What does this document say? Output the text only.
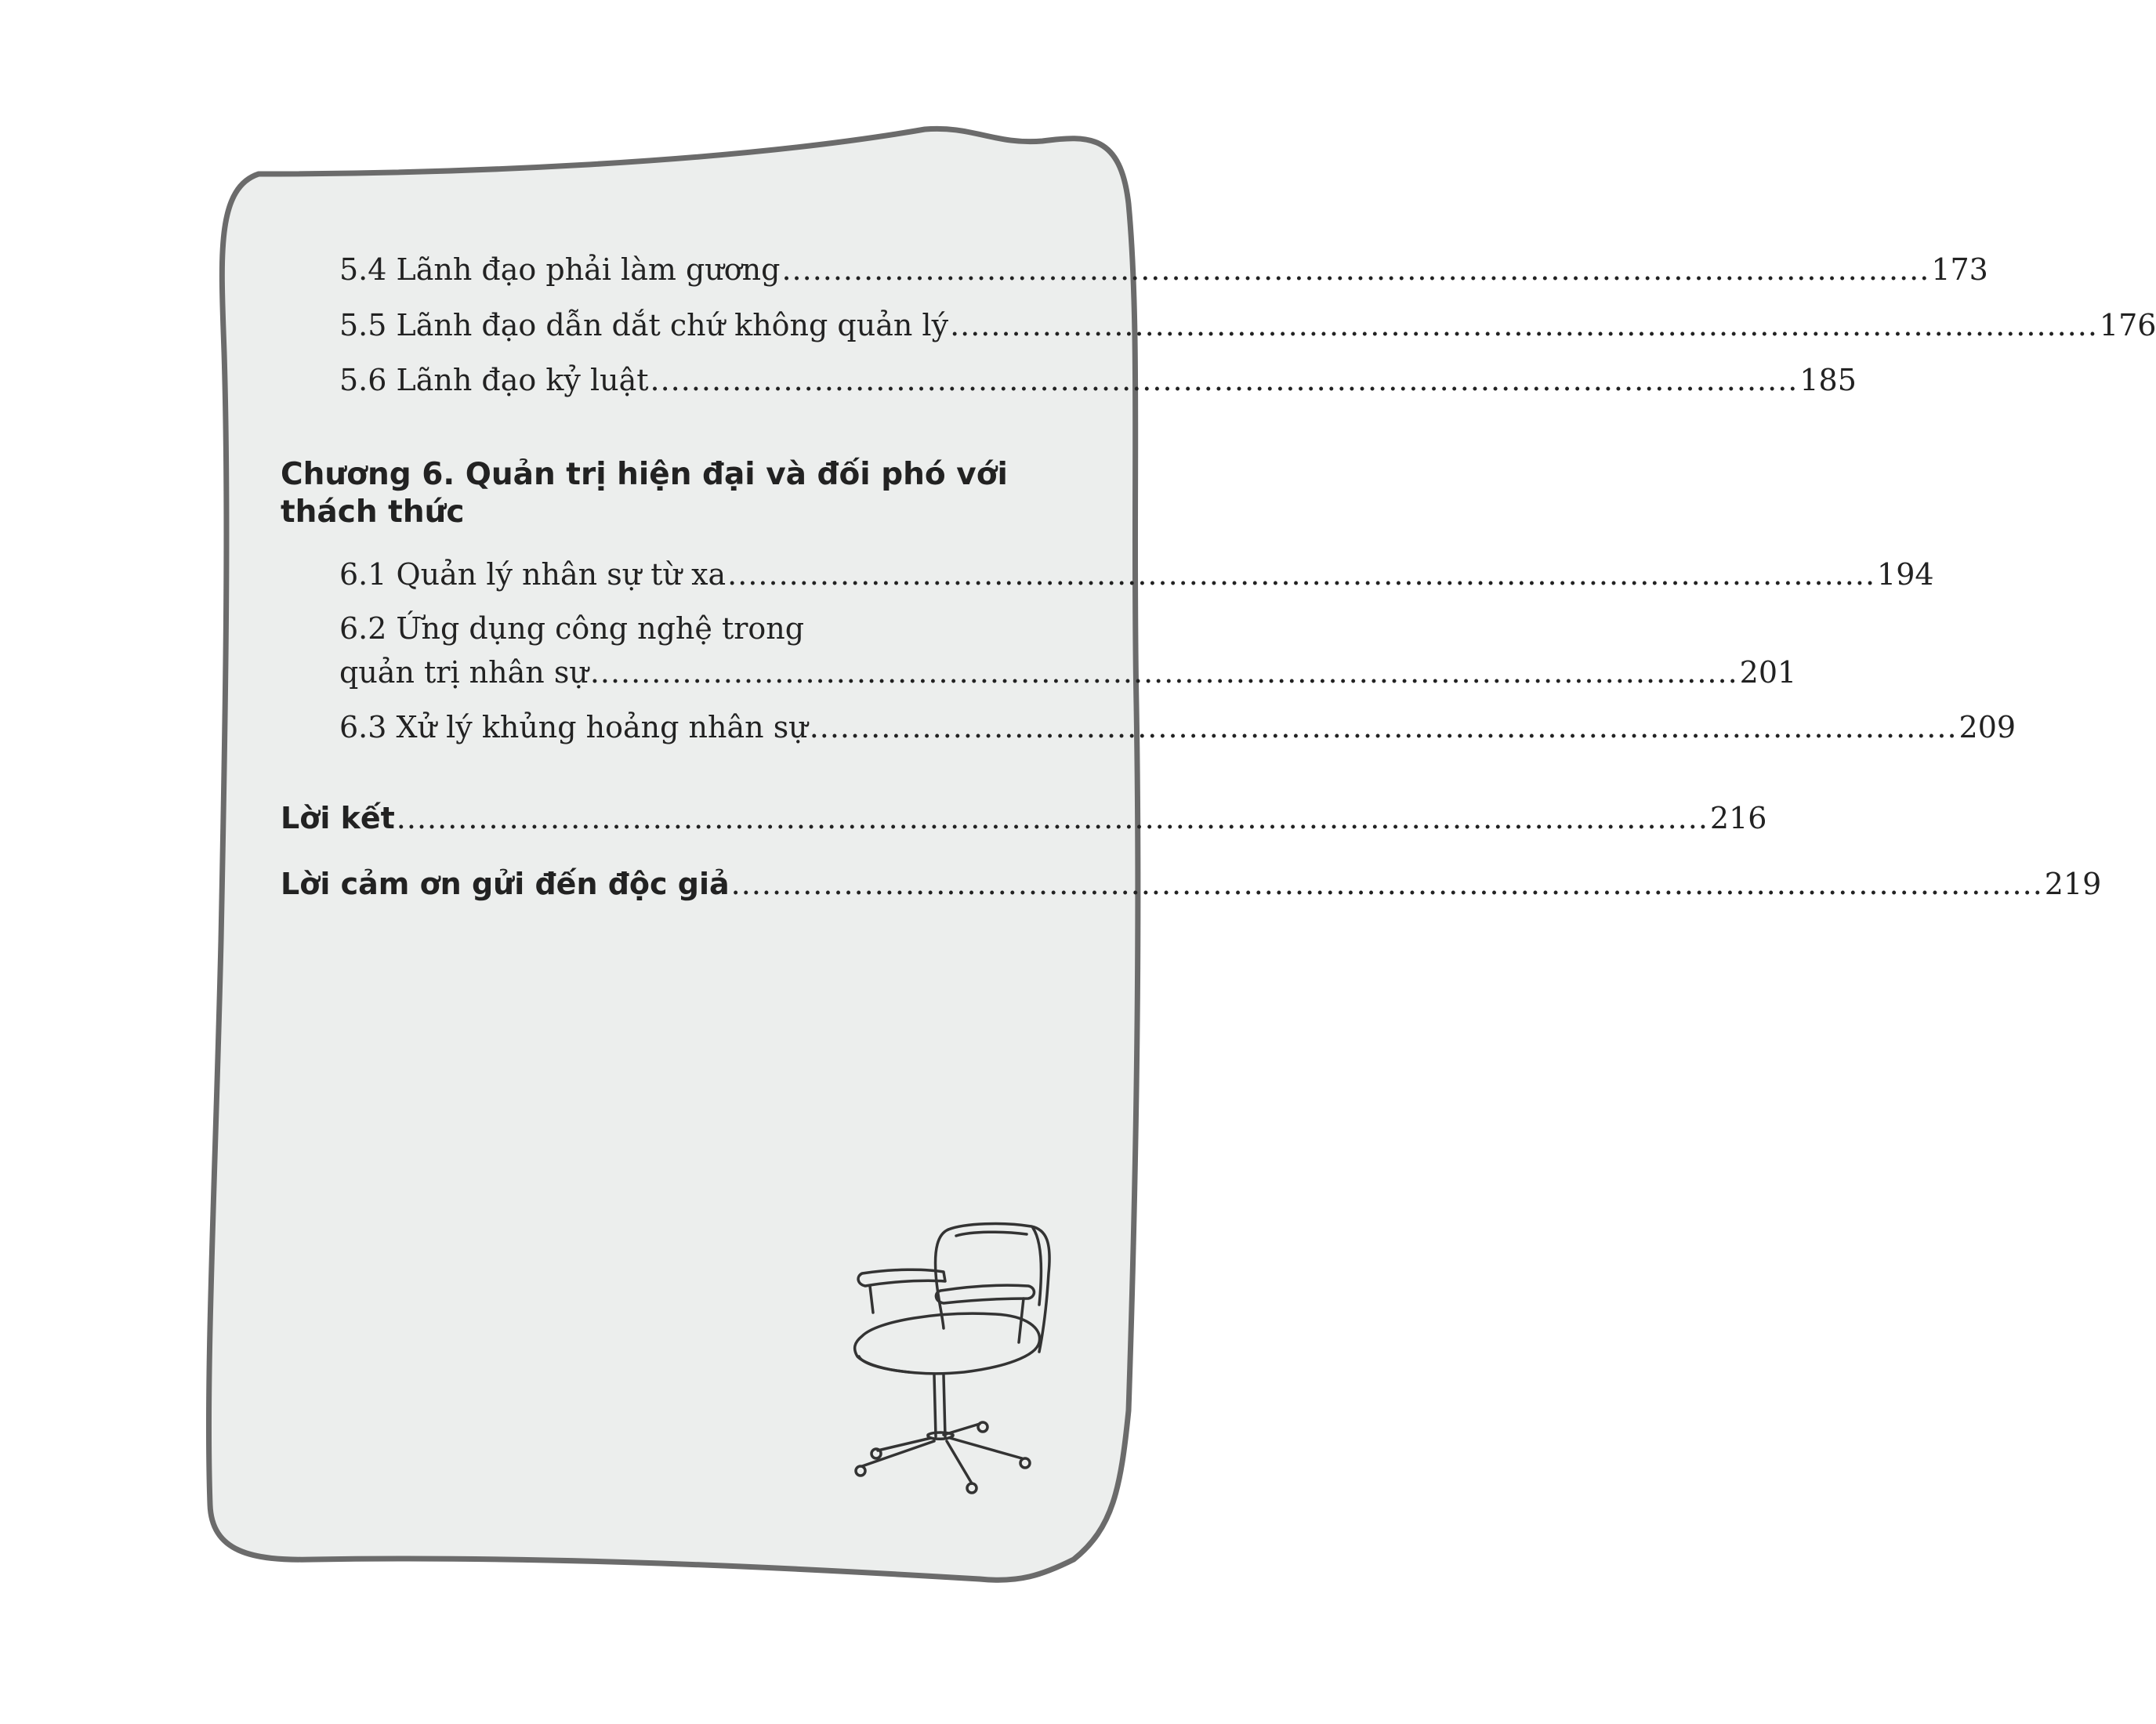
5.4 Lãnh đạo phải làm gương ................................................................................................................ 173
5.5 Lãnh đạo dẫn dắt chứ không quản lý ................................................................................................................ 176
5.6 Lãnh đạo kỷ luật ................................................................................................................ 185
Chương 6. Quản trị hiện đại và đối phó với thách thức
6.1 Quản lý nhân sự từ xa ................................................................................................................ 194
6.2 Ứng dụng công nghệ trong
quản trị nhân sự ................................................................................................................ 201
6.3 Xử lý khủng hoảng nhân sự ................................................................................................................ 209
Lời kết ................................................................................................................................ 216
Lời cảm ơn gửi đến độc giả ................................................................................................................................ 219
